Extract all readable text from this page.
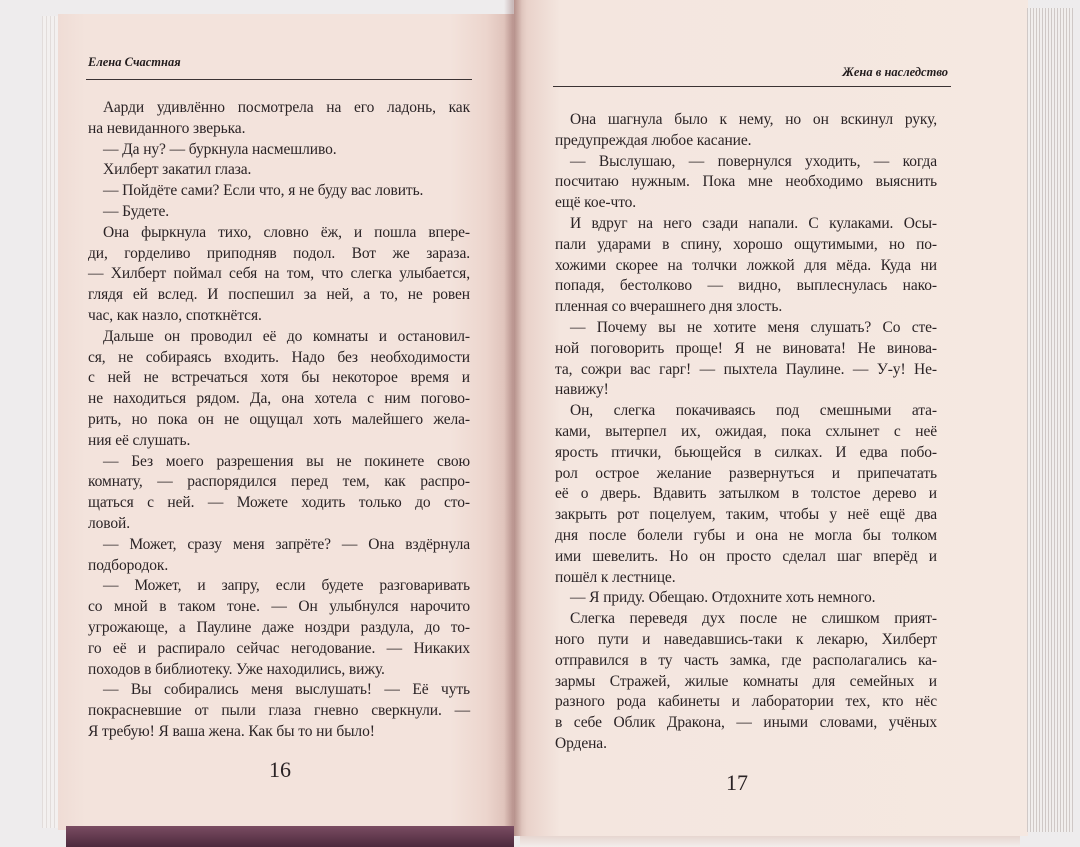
Елена Счастная
Аарди удивлённо посмотрела на его ладонь, как
на невиданного зверька.
— Да ну? — буркнула насмешливо.
Хилберт закатил глаза.
— Пойдёте сами? Если что, я не буду вас ловить.
— Будете.
Она фыркнула тихо, словно ёж, и пошла впере-
ди, горделиво приподняв подол. Вот же зараза.
— Хилберт поймал себя на том, что слегка улыбается,
глядя ей вслед. И поспешил за ней, а то, не ровен
час, как назло, споткнётся.
Дальше он проводил её до комнаты и остановил-
ся, не собираясь входить. Надо без необходимости
с ней не встречаться хотя бы некоторое время и
не находиться рядом. Да, она хотела с ним погово-
рить, но пока он не ощущал хоть малейшего жела-
ния её слушать.
— Без моего разрешения вы не покинете свою
комнату, — распорядился перед тем, как распро-
щаться с ней. — Можете ходить только до сто-
ловой.
— Может, сразу меня запрёте? — Она вздёрнула
подбородок.
— Может, и запру, если будете разговаривать
со мной в таком тоне. — Он улыбнулся нарочито
угрожающе, а Паулине даже ноздри раздула, до то-
го её и распирало сейчас негодование. — Никаких
походов в библиотеку. Уже находились, вижу.
— Вы собирались меня выслушать! — Её чуть
покрасневшие от пыли глаза гневно сверкнули. —
Я требую! Я ваша жена. Как бы то ни было!
16
Жена в наследство
Она шагнула было к нему, но он вскинул руку,
предупреждая любое касание.
— Выслушаю, — повернулся уходить, — когда
посчитаю нужным. Пока мне необходимо выяснить
ещё кое-что.
И вдруг на него сзади напали. С кулаками. Осы-
пали ударами в спину, хорошо ощутимыми, но по-
хожими скорее на толчки ложкой для мёда. Куда ни
попадя, бестолково — видно, выплеснулась нако-
пленная со вчерашнего дня злость.
— Почему вы не хотите меня слушать? Со сте-
ной поговорить проще! Я не виновата! Не винова-
та, сожри вас гарг! — пыхтела Паулине. — У-у! Не-
навижу!
Он, слегка покачиваясь под смешными ата-
ками, вытерпел их, ожидая, пока схлынет с неё
ярость птички, бьющейся в силках. И едва побо-
рол острое желание развернуться и припечатать
её о дверь. Вдавить затылком в толстое дерево и
закрыть рот поцелуем, таким, чтобы у неё ещё два
дня после болели губы и она не могла бы толком
ими шевелить. Но он просто сделал шаг вперёд и
пошёл к лестнице.
— Я приду. Обещаю. Отдохните хоть немного.
Слегка переведя дух после не слишком прият-
ного пути и наведавшись-таки к лекарю, Хилберт
отправился в ту часть замка, где располагались ка-
зармы Стражей, жилые комнаты для семейных и
разного рода кабинеты и лаборатории тех, кто нёс
в себе Облик Дракона, — иными словами, учёных
Ордена.
17
